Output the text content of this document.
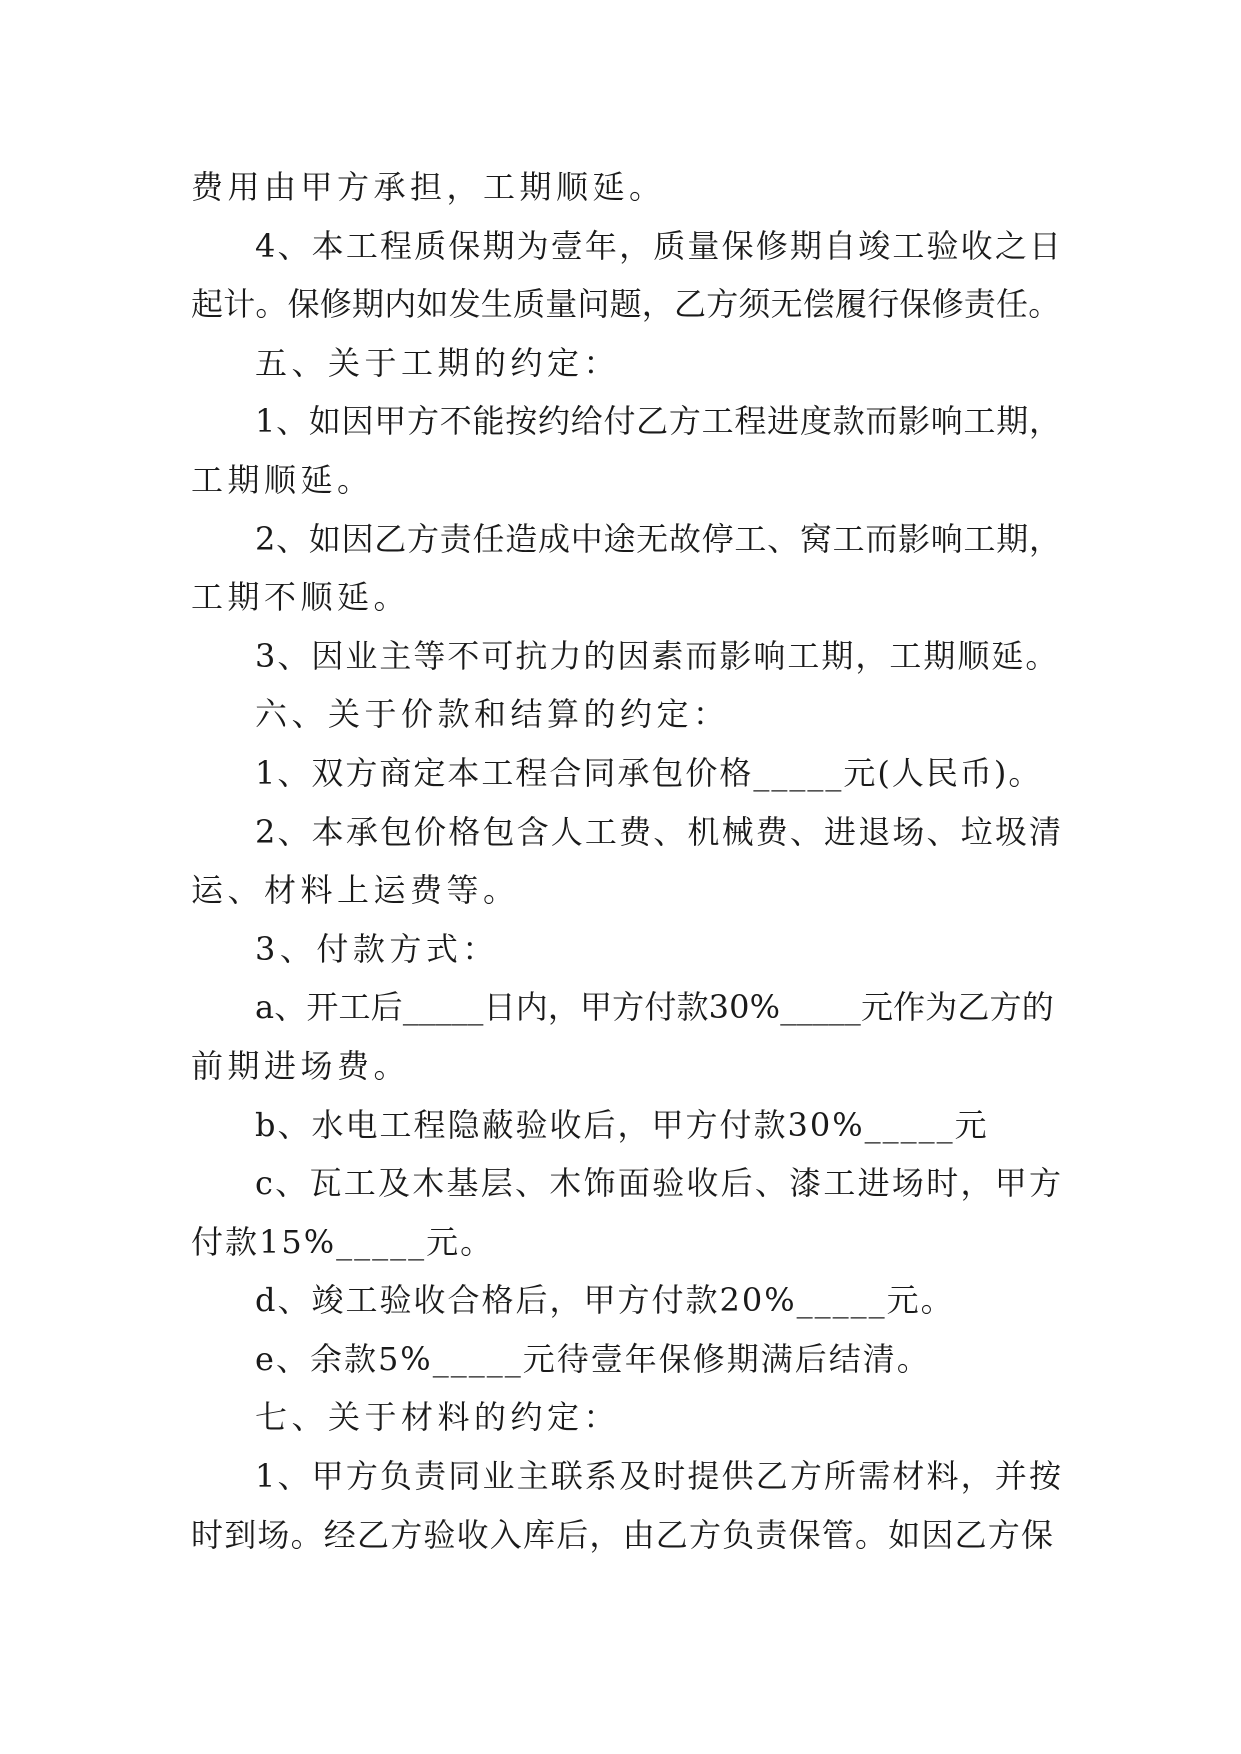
费用由甲方承担，工期顺延。
4、本工程质保期为壹年，质量保修期自竣工验收之日
起计。保修期内如发生质量问题，乙方须无偿履行保修责任。
五、关于工期的约定：
1、如因甲方不能按约给付乙方工程进度款而影响工期，
工期顺延。
2、如因乙方责任造成中途无故停工、窝工而影响工期，
工期不顺延。
3、因业主等不可抗力的因素而影响工期，工期顺延。
六、关于价款和结算的约定：
1、双方商定本工程合同承包价格_____元(人民币)。
2、本承包价格包含人工费、机械费、进退场、垃圾清
运、材料上运费等。
3、付款方式：
a、开工后_____日内，甲方付款30%_____元作为乙方的
前期进场费。
b、水电工程隐蔽验收后，甲方付款30%_____元
c、瓦工及木基层、木饰面验收后、漆工进场时，甲方
付款15%_____元。
d、竣工验收合格后，甲方付款20%_____元。
e、余款5%_____元待壹年保修期满后结清。
七、关于材料的约定：
1、甲方负责同业主联系及时提供乙方所需材料，并按
时到场。经乙方验收入库后，由乙方负责保管。如因乙方保
